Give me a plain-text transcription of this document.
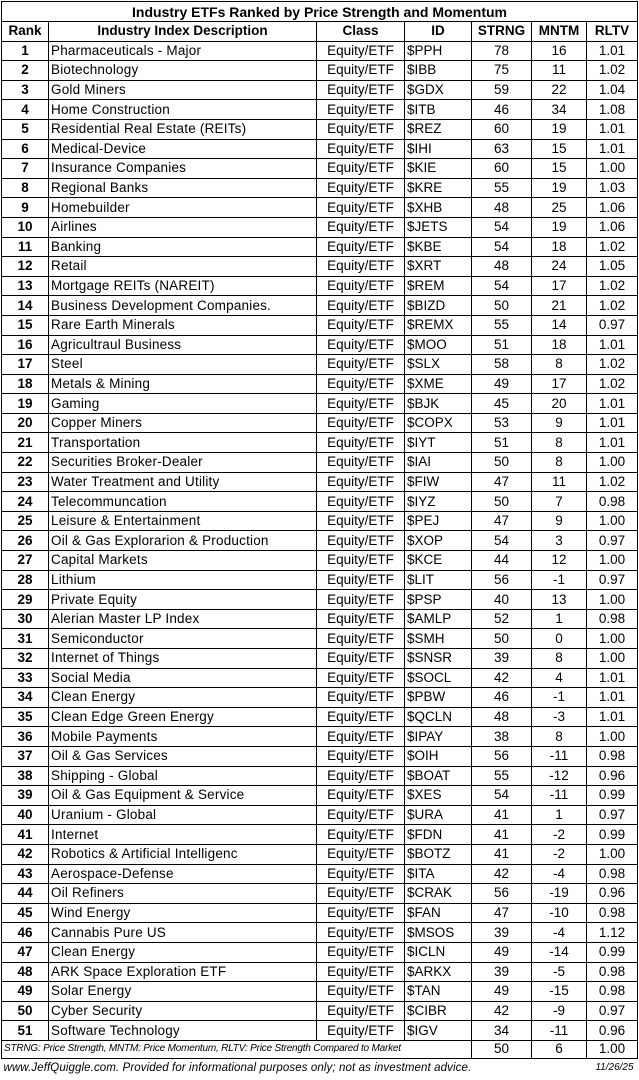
Industry ETFs Ranked by Price Strength and Momentum						
Rank	Industry Index Description	Class	ID	STRNG	MNTM	RLTV
1	Pharmaceuticals - Major	Equity/ETF	$PPH	78	16	1.01
2	Biotechnology	Equity/ETF	$IBB	75	11	1.02
3	Gold Miners	Equity/ETF	$GDX	59	22	1.04
4	Home Construction	Equity/ETF	$ITB	46	34	1.08
5	Residential Real Estate (REITs)	Equity/ETF	$REZ	60	19	1.01
6	Medical-Device	Equity/ETF	$IHI	63	15	1.01
7	Insurance Companies	Equity/ETF	$KIE	60	15	1.00
8	Regional Banks	Equity/ETF	$KRE	55	19	1.03
9	Homebuilder	Equity/ETF	$XHB	48	25	1.06
10	Airlines	Equity/ETF	$JETS	54	19	1.06
11	Banking	Equity/ETF	$KBE	54	18	1.02
12	Retail	Equity/ETF	$XRT	48	24	1.05
13	Mortgage REITs (NAREIT)	Equity/ETF	$REM	54	17	1.02
14	Business Development Companies.	Equity/ETF	$BIZD	50	21	1.02
15	Rare Earth Minerals	Equity/ETF	$REMX	55	14	0.97
16	Agricultraul Business	Equity/ETF	$MOO	51	18	1.01
17	Steel	Equity/ETF	$SLX	58	8	1.02
18	Metals & Mining	Equity/ETF	$XME	49	17	1.02
19	Gaming	Equity/ETF	$BJK	45	20	1.01
20	Copper Miners	Equity/ETF	$COPX	53	9	1.01
21	Transportation	Equity/ETF	$IYT	51	8	1.01
22	Securities Broker-Dealer	Equity/ETF	$IAI	50	8	1.00
23	Water Treatment and Utility	Equity/ETF	$FIW	47	11	1.02
24	Telecommuncation	Equity/ETF	$IYZ	50	7	0.98
25	Leisure & Entertainment	Equity/ETF	$PEJ	47	9	1.00
26	Oil & Gas Explorarion & Production	Equity/ETF	$XOP	54	3	0.97
27	Capital Markets	Equity/ETF	$KCE	44	12	1.00
28	Lithium	Equity/ETF	$LIT	56	-1	0.97
29	Private Equity	Equity/ETF	$PSP	40	13	1.00
30	Alerian Master LP Index	Equity/ETF	$AMLP	52	1	0.98
31	Semiconductor	Equity/ETF	$SMH	50	0	1.00
32	Internet of Things	Equity/ETF	$SNSR	39	8	1.00
33	Social Media	Equity/ETF	$SOCL	42	4	1.01
34	Clean Energy	Equity/ETF	$PBW	46	-1	1.01
35	Clean Edge Green Energy	Equity/ETF	$QCLN	48	-3	1.01
36	Mobile Payments	Equity/ETF	$IPAY	38	8	1.00
37	Oil & Gas Services	Equity/ETF	$OIH	56	-11	0.98
38	Shipping - Global	Equity/ETF	$BOAT	55	-12	0.96
39	Oil & Gas Equipment & Service	Equity/ETF	$XES	54	-11	0.99
40	Uranium - Global	Equity/ETF	$URA	41	1	0.97
41	Internet	Equity/ETF	$FDN	41	-2	0.99
42	Robotics & Artificial Intelligenc	Equity/ETF	$BOTZ	41	-2	1.00
43	Aerospace-Defense	Equity/ETF	$ITA	42	-4	0.98
44	Oil Refiners	Equity/ETF	$CRAK	56	-19	0.96
45	Wind Energy	Equity/ETF	$FAN	47	-10	0.98
46	Cannabis Pure US	Equity/ETF	$MSOS	39	-4	1.12
47	Clean Energy	Equity/ETF	$ICLN	49	-14	0.99
48	ARK Space Exploration ETF	Equity/ETF	$ARKX	39	-5	0.98
49	Solar Energy	Equity/ETF	$TAN	49	-15	0.98
50	Cyber Security	Equity/ETF	$CIBR	42	-9	0.97
51	Software Technology	Equity/ETF	$IGV	34	-11	0.96
STRNG: Price Strength, MNTM: Price Momentum, RLTV: Price Strength Compared to Market				50	6	1.00
www.JeffQuiggle.com. Provided for informational purposes only; not as investment advice.						11/26/25
